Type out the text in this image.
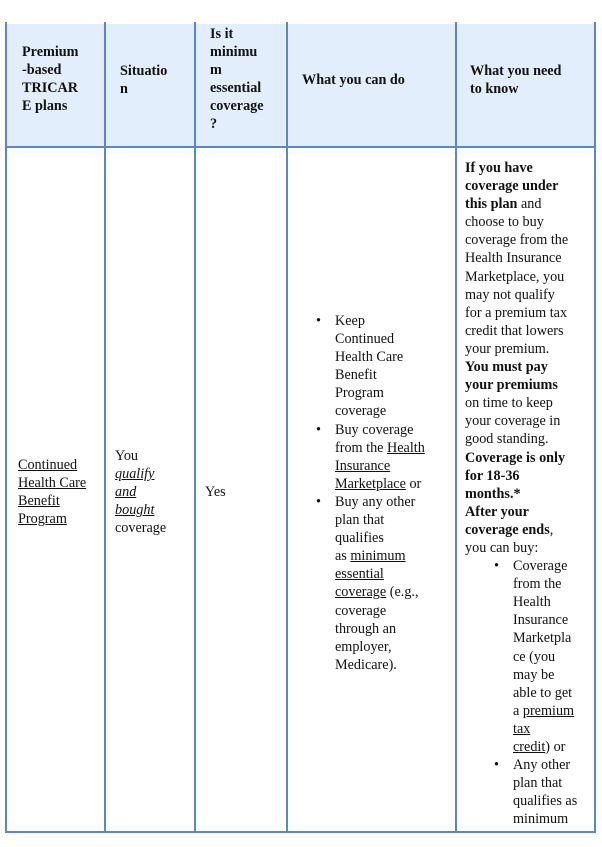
Premium
-based
TRICAR
E plans
Situatio
n
Is it
minimu
m
essential
coverage
?
What you can do
What you need
to know
Continued
Health Care
Benefit
Program
You
qualify
and
bought
coverage
Yes
• Keep
Continued
Health Care
Benefit
Program
coverage
• Buy coverage
from the Health
Insurance
Marketplace or
• Buy any other
plan that
qualifies
as minimum
essential
coverage (e.g.,
coverage
through an
employer,
Medicare).
If you have
coverage under
this plan and
choose to buy
coverage from the
Health Insurance
Marketplace, you
may not qualify
for a premium tax
credit that lowers
your premium.
You must pay
your premiums
on time to keep
your coverage in
good standing.
Coverage is only
for 18-36
months.*
After your
coverage ends,
you can buy:
• Coverage
from the
Health
Insurance
Marketpla
ce (you
may be
able to get
a premium
tax
credit) or
• Any other
plan that
qualifies as
minimum
